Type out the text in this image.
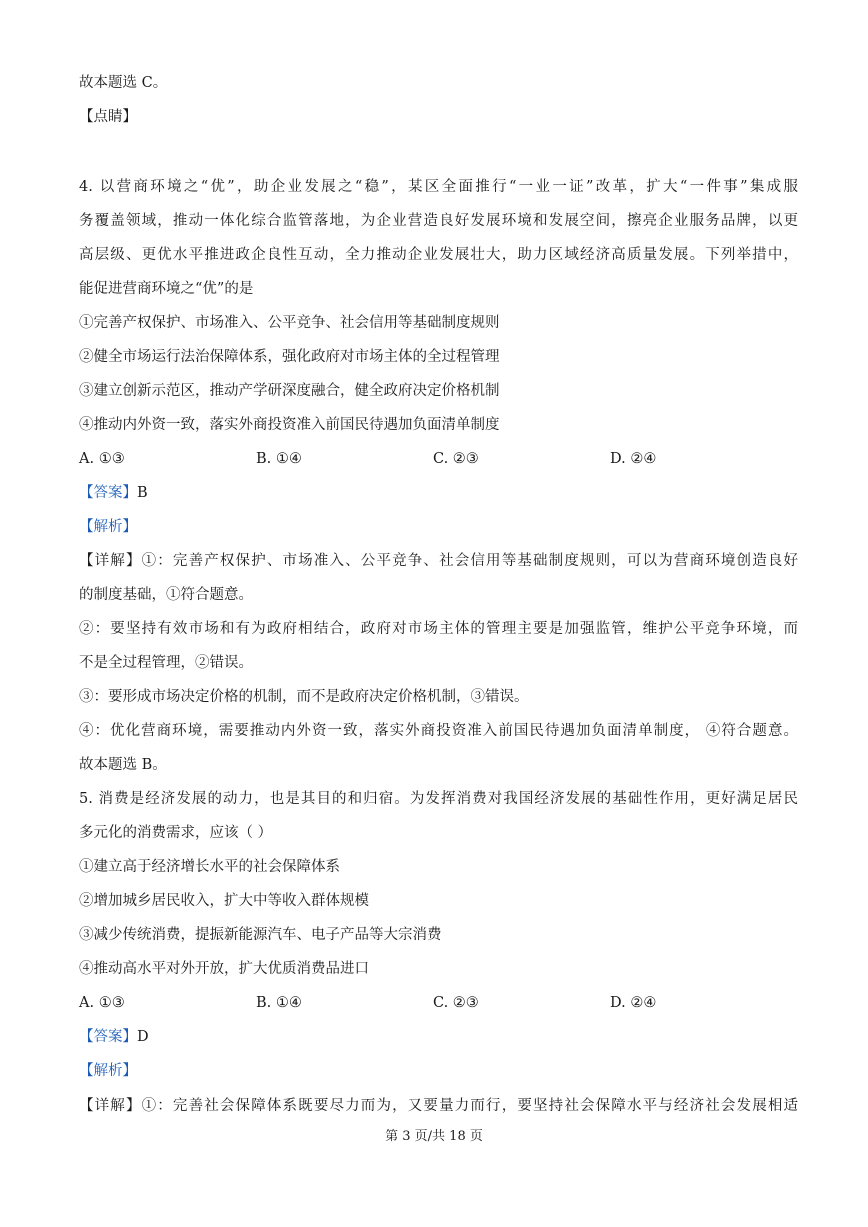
故本题选 C。
【点睛】
4. 以营商环境之“优”，助企业发展之“稳”，某区全面推行“一业一证”改革，扩大“一件事”集成服
务覆盖领域，推动一体化综合监管落地，为企业营造良好发展环境和发展空间，擦亮企业服务品牌，以更
高层级、更优水平推进政企良性互动，全力推动企业发展壮大，助力区域经济高质量发展。下列举措中，
能促进营商环境之“优”的是
①完善产权保护、市场准入、公平竞争、社会信用等基础制度规则
②健全市场运行法治保障体系，强化政府对市场主体的全过程管理
③建立创新示范区，推动产学研深度融合，健全政府决定价格机制
④推动内外资一致，落实外商投资准入前国民待遇加负面清单制度
A. ①③	B. ①④	C. ②③	D. ②④
【答案】B
【解析】
【详解】①：完善产权保护、市场准入、公平竞争、社会信用等基础制度规则，可以为营商环境创造良好
的制度基础，①符合题意。
②：要坚持有效市场和有为政府相结合，政府对市场主体的管理主要是加强监管，维护公平竞争环境，而
不是全过程管理，②错误。
③：要形成市场决定价格的机制，而不是政府决定价格机制，③错误。
④：优化营商环境，需要推动内外资一致，落实外商投资准入前国民待遇加负面清单制度， ④符合题意。
故本题选 B。
5. 消费是经济发展的动力，也是其目的和归宿。为发挥消费对我国经济发展的基础性作用，更好满足居民
多元化的消费需求，应该（ ）
①建立高于经济增长水平的社会保障体系
②增加城乡居民收入，扩大中等收入群体规模
③减少传统消费，提振新能源汽车、电子产品等大宗消费
④推动高水平对外开放，扩大优质消费品进口
A. ①③	B. ①④	C. ②③	D. ②④
【答案】D
【解析】
【详解】①：完善社会保障体系既要尽力而为，又要量力而行，要坚持社会保障水平与经济社会发展相适
第 3 页/共 18 页
